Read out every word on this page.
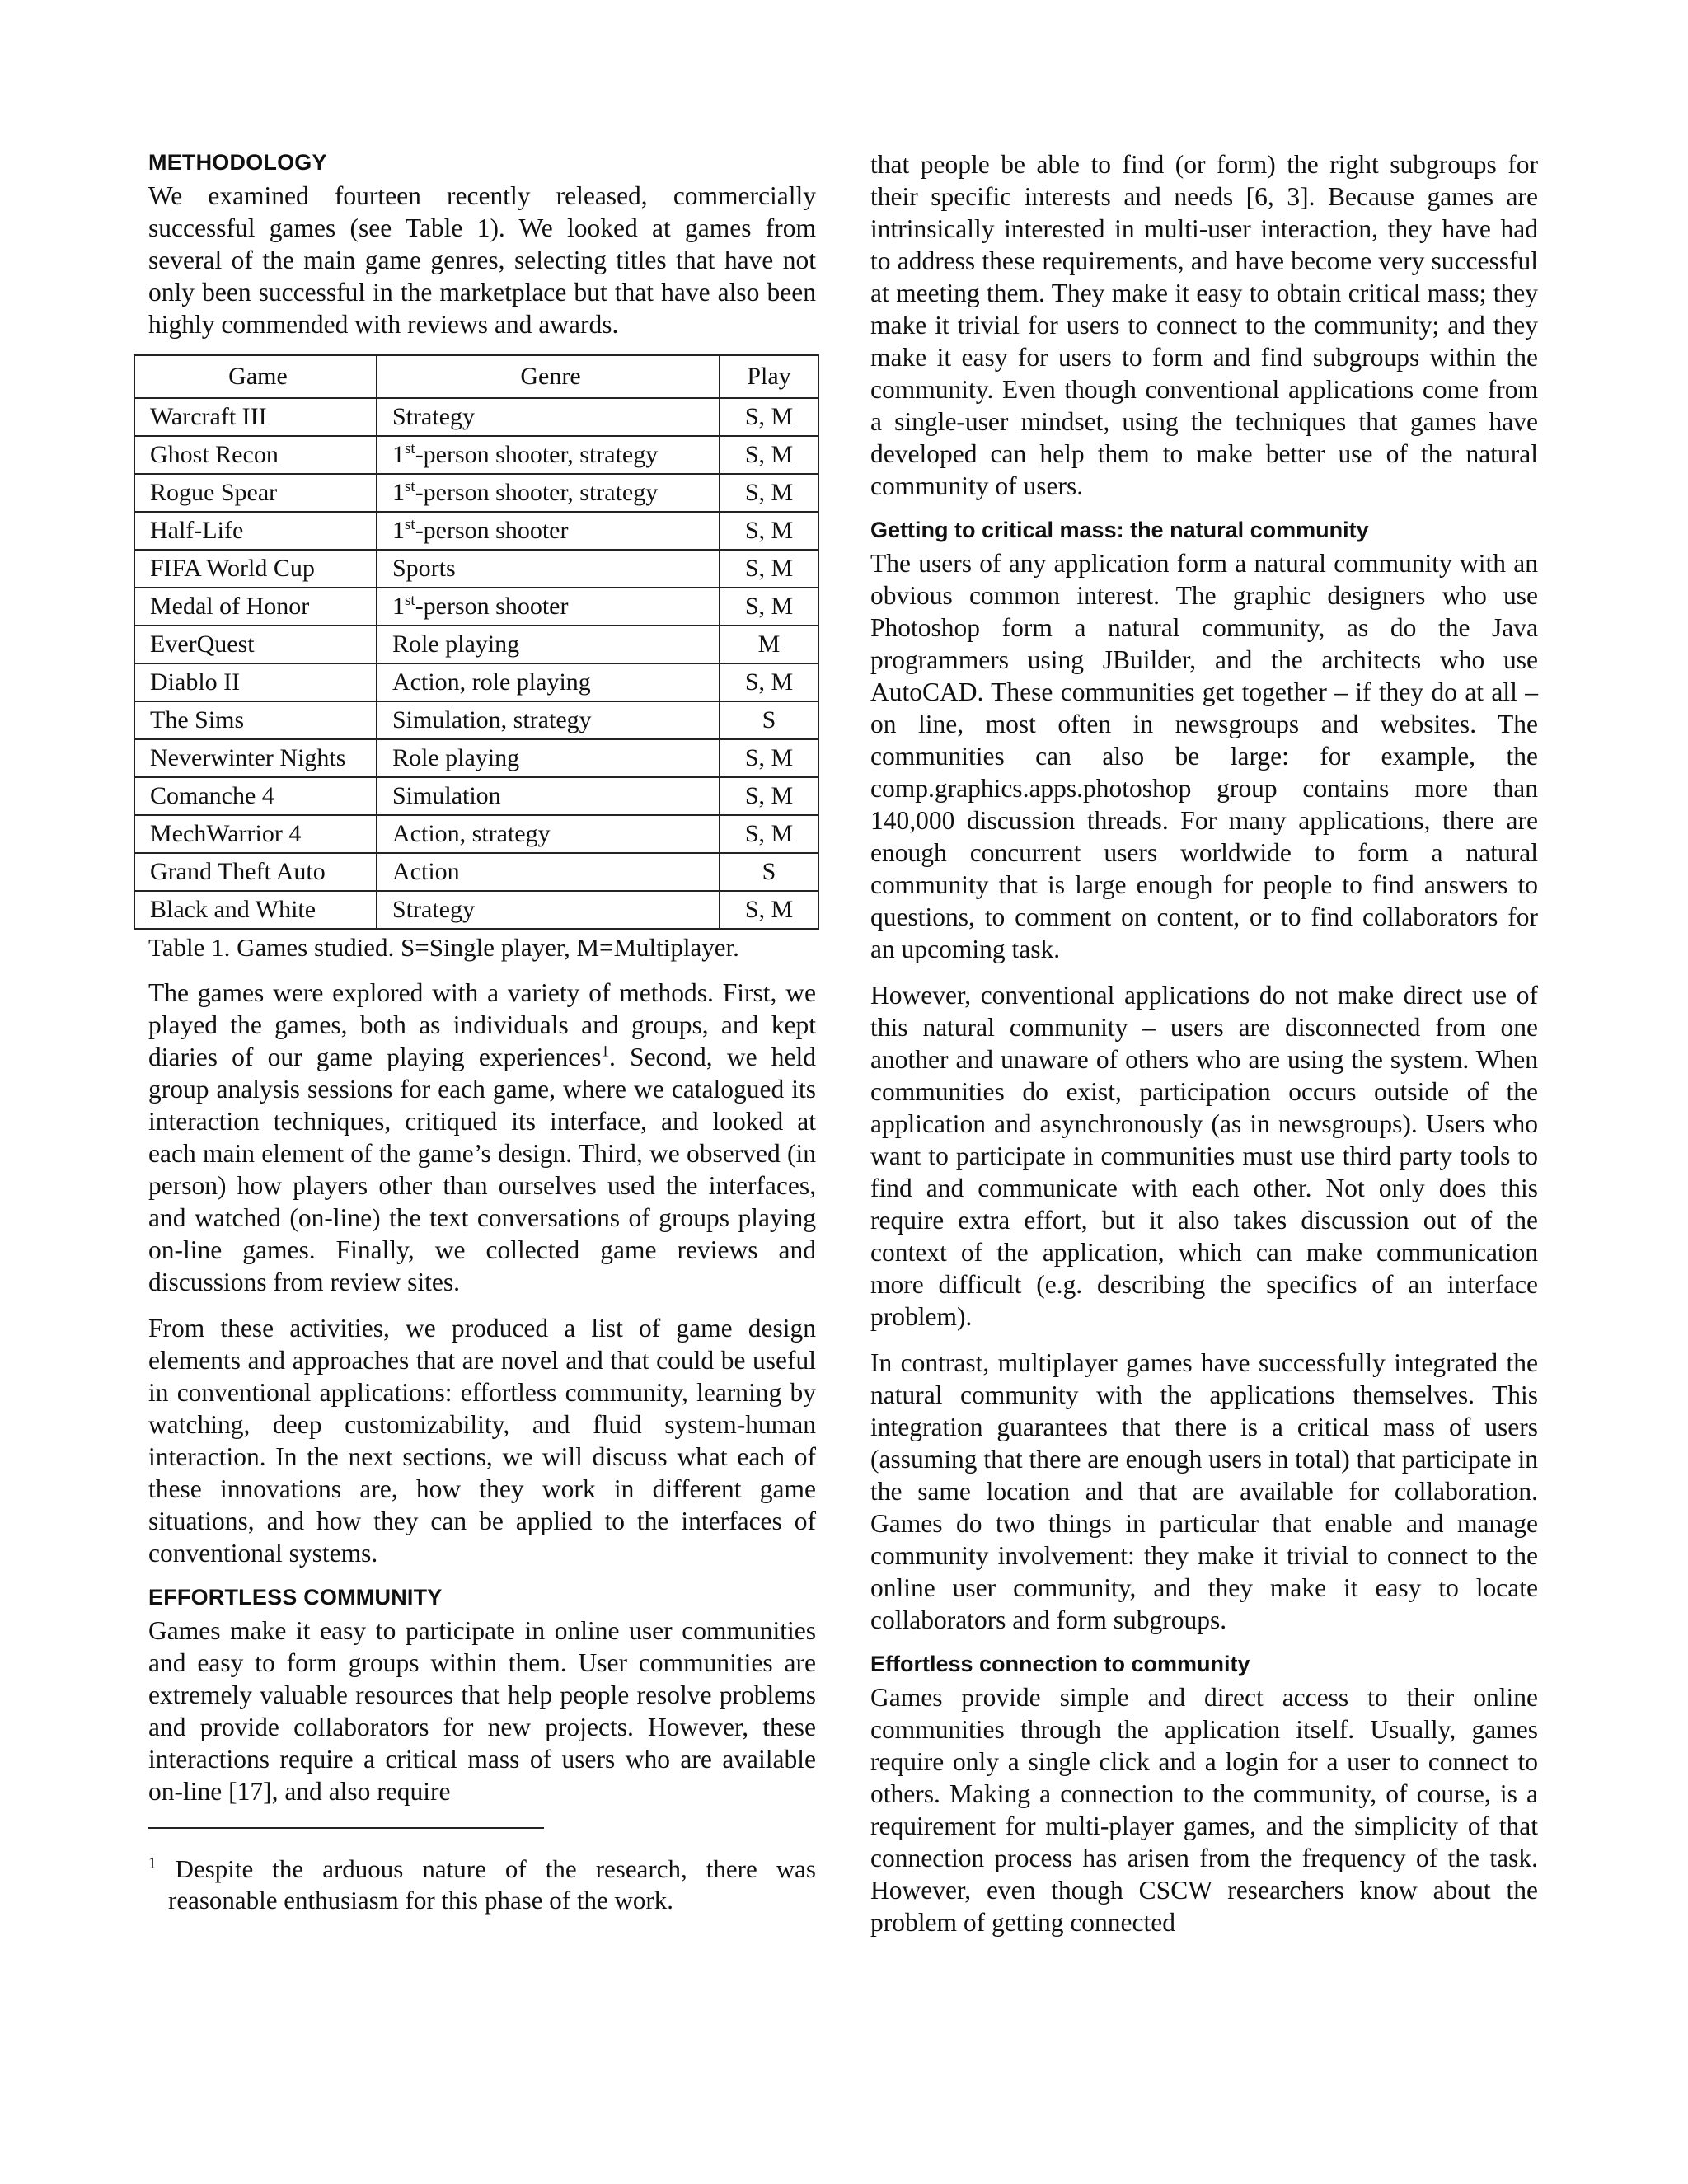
METHODOLOGY

We examined fourteen recently released, commercially successful games (see Table 1). We looked at games from several of the main game genres, selecting titles that have not only been successful in the marketplace but that have also been highly commended with reviews and awards.

Game	Genre	Play
Warcraft III	Strategy	S, M
Ghost Recon	1st-person shooter, strategy	S, M
Rogue Spear	1st-person shooter, strategy	S, M
Half-Life	1st-person shooter	S, M
FIFA World Cup	Sports	S, M
Medal of Honor	1st-person shooter	S, M
EverQuest	Role playing	M
Diablo II	Action, role playing	S, M
The Sims	Simulation, strategy	S
Neverwinter Nights	Role playing	S, M
Comanche 4	Simulation	S, M
MechWarrior 4	Action, strategy	S, M
Grand Theft Auto	Action	S
Black and White	Strategy	S, M
Table 1. Games studied. S=Single player, M=Multiplayer.

The games were explored with a variety of methods. First, we played the games, both as individuals and groups, and kept diaries of our game playing experiences$^1$. Second, we held group analysis sessions for each game, where we catalogued its interaction techniques, critiqued its interface, and looked at each main element of the game’s design. Third, we observed (in person) how players other than ourselves used the interfaces, and watched (on-line) the text conversations of groups playing on-line games. Finally, we collected game reviews and discussions from review sites.

From these activities, we produced a list of game design elements and approaches that are novel and that could be useful in conventional applications: effortless community, learning by watching, deep customizability, and fluid system-human interaction. In the next sections, we will discuss what each of these innovations are, how they work in different game situations, and how they can be applied to the interfaces of conventional systems.

EFFORTLESS COMMUNITY

Games make it easy to participate in online user communities and easy to form groups within them. User communities are extremely valuable resources that help people resolve problems and provide collaborators for new projects. However, these interactions require a critical mass of users who are available on-line [17], and also require

$^1$ Despite the arduous nature of the research, there was reasonable enthusiasm for this phase of the work.

that people be able to find (or form) the right subgroups for their specific interests and needs [6, 3]. Because games are intrinsically interested in multi-user interaction, they have had to address these requirements, and have become very successful at meeting them. They make it easy to obtain critical mass; they make it trivial for users to connect to the community; and they make it easy for users to form and find subgroups within the community. Even though conventional applications come from a single-user mindset, using the techniques that games have developed can help them to make better use of the natural community of users.

Getting to critical mass: the natural community

The users of any application form a natural community with an obvious common interest. The graphic designers who use Photoshop form a natural community, as do the Java programmers using JBuilder, and the architects who use AutoCAD. These communities get together – if they do at all – on line, most often in newsgroups and websites. The communities can also be large: for example, the comp.graphics.apps.photoshop group contains more than 140,000 discussion threads. For many applications, there are enough concurrent users worldwide to form a natural community that is large enough for people to find answers to questions, to comment on content, or to find collaborators for an upcoming task.

However, conventional applications do not make direct use of this natural community – users are disconnected from one another and unaware of others who are using the system. When communities do exist, participation occurs outside of the application and asynchronously (as in newsgroups). Users who want to participate in communities must use third party tools to find and communicate with each other. Not only does this require extra effort, but it also takes discussion out of the context of the application, which can make communication more difficult (e.g. describing the specifics of an interface problem).

In contrast, multiplayer games have successfully integrated the natural community with the applications themselves. This integration guarantees that there is a critical mass of users (assuming that there are enough users in total) that participate in the same location and that are available for collaboration. Games do two things in particular that enable and manage community involvement: they make it trivial to connect to the online user community, and they make it easy to locate collaborators and form subgroups.

Effortless connection to community

Games provide simple and direct access to their online communities through the application itself. Usually, games require only a single click and a login for a user to connect to others. Making a connection to the community, of course, is a requirement for multi-player games, and the simplicity of that connection process has arisen from the frequency of the task. However, even though CSCW researchers know about the problem of getting connected
